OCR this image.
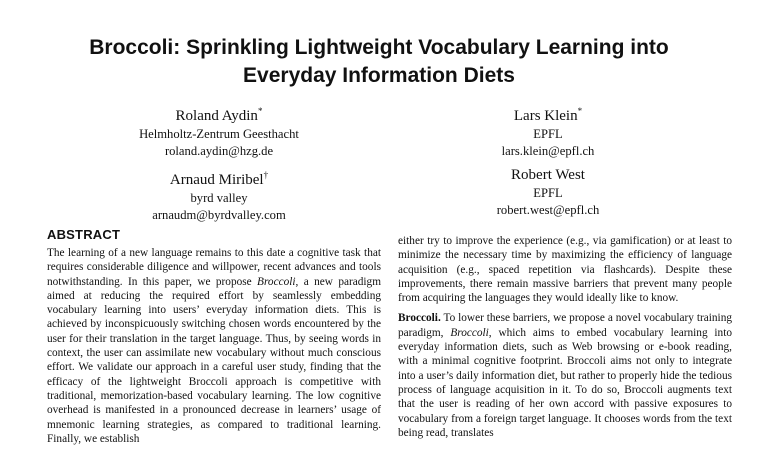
Broccoli: Sprinkling Lightweight Vocabulary Learning into
Everyday Information Diets
Roland Aydin*
Helmholtz-Zentrum Geesthacht
roland.aydin@hzg.de
Lars Klein*
EPFL
lars.klein@epfl.ch
Arnaud Miribel†
byrd valley
arnaudm@byrdvalley.com
Robert West
EPFL
robert.west@epfl.ch
ABSTRACT

The learning of a new language remains to this date a cognitive task that requires considerable diligence and willpower, recent advances and tools notwithstanding. In this paper, we propose Broccoli, a new paradigm aimed at reducing the required effort by seamlessly embedding vocabulary learning into users’ everyday information diets. This is achieved by inconspicuously switching chosen words encountered by the user for their translation in the target language. Thus, by seeing words in context, the user can assimilate new vocabulary without much conscious effort. We validate our approach in a careful user study, finding that the efficacy of the lightweight Broccoli approach is competitive with traditional, memorization-based vocabulary learning. The low cognitive overhead is manifested in a pronounced decrease in learners’ usage of mnemonic learning strategies, as compared to traditional learning. Finally, we establish

either try to improve the experience (e.g., via gamification) or at least to minimize the necessary time by maximizing the efficiency of language acquisition (e.g., spaced repetition via flashcards). Despite these improvements, there remain massive barriers that prevent many people from acquiring the languages they would ideally like to know.

Broccoli. To lower these barriers, we propose a novel vocabulary training paradigm, Broccoli, which aims to embed vocabulary learning into everyday information diets, such as Web browsing or e-book reading, with a minimal cognitive footprint. Broccoli aims not only to integrate into a user’s daily information diet, but rather to properly hide the tedious process of language acquisition in it. To do so, Broccoli augments text that the user is reading of her own accord with passive exposures to vocabulary from a foreign target language. It chooses words from the text being read, translates
